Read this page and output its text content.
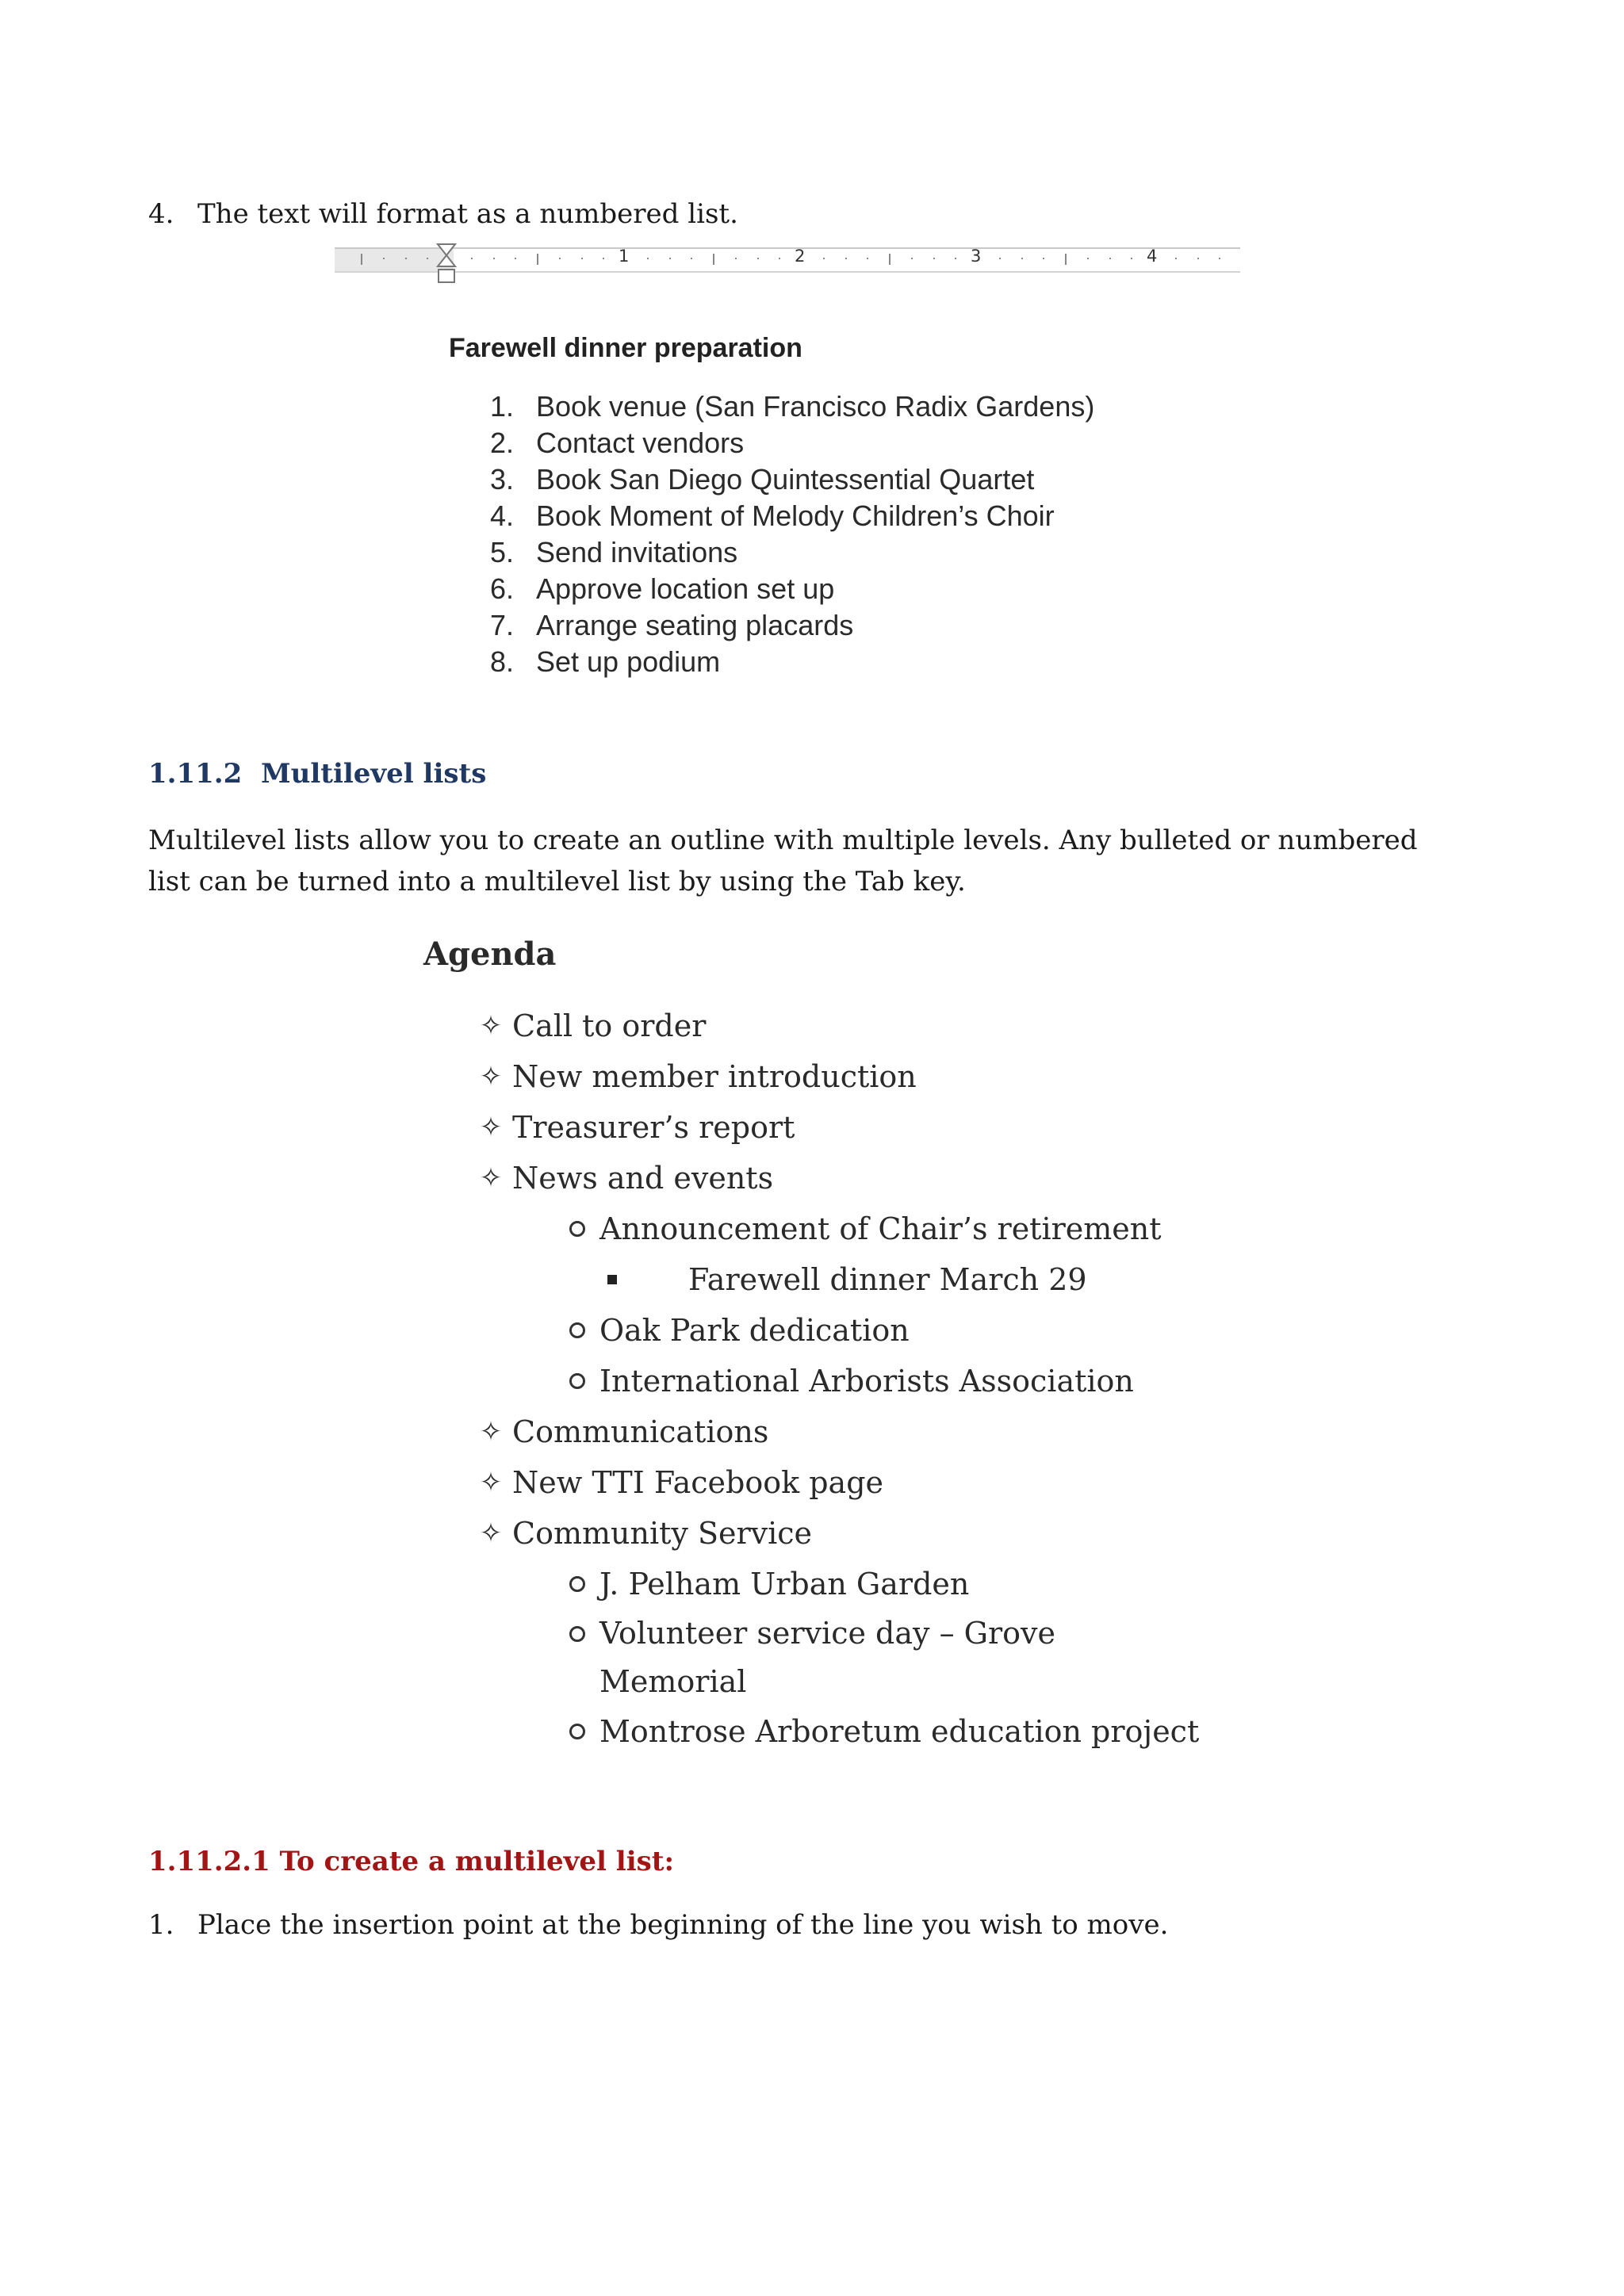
4. The text will format as a numbered list.
1	2	3	4
Farewell dinner preparation
1. Book venue (San Francisco Radix Gardens)
2. Contact vendors
3. Book San Diego Quintessential Quartet
4. Book Moment of Melody Children’s Choir
5. Send invitations
6. Approve location set up
7. Arrange seating placards
8. Set up podium
1.11.2  Multilevel lists

Multilevel lists allow you to create an outline with multiple levels. Any bulleted or numbered list can be turned into a multilevel list by using the Tab key.

Agenda
✧ Call to order
✧ New member introduction
✧ Treasurer’s report
✧ News and events
Announcement of Chair’s retirement
Farewell dinner March 29
Oak Park dedication
International Arborists Association
✧ Communications
✧ New TTI Facebook page
✧ Community Service
J. Pelham Urban Garden
Volunteer service day – Grove Memorial
Montrose Arboretum education project
1.11.2.1 To create a multilevel list:
1. Place the insertion point at the beginning of the line you wish to move.
